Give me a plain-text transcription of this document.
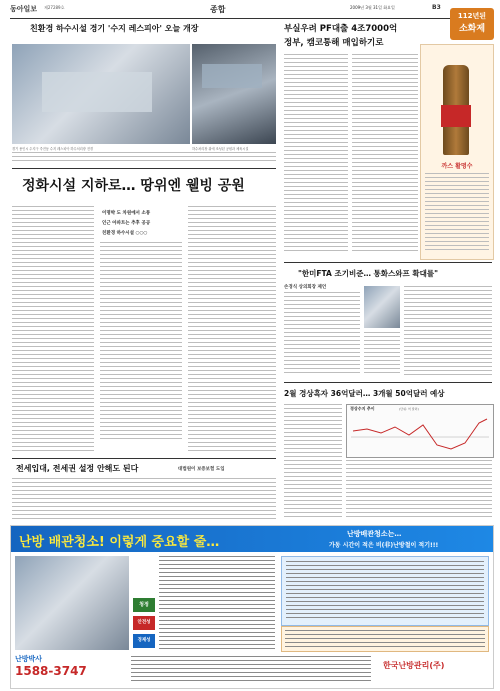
동아일보 제27289호	종합	2009년 3월 31일 화요일	B3
112년된
소화제
친환경 하수시설 경기 '수지 레스피아' 오늘 개장
경기 용인시 수지구 죽전동 수지 레스피아 하수처리장 전경	하수처리장 위에 조성된 공원과 체육시설
정화시설 지하로… 땅위엔 웰빙 공원
이명박 도 차원에서 소통
인근 아파트는 추후 공공
친환경 하수시설 ○○○
전세입대, 전세권 설정 안해도 된다	대법원이 보증보험 도입
부실우려 PF대출 4조7000억
정부, 캠코통해 매입하기로
까스 활명수
"한미FTA 조기비준… 통화스와프 확대를"
손경식 상의회장 제언
2월 경상흑자 36억달러… 3개월 50억달러 예상
경상수지 추이	(단위: 억 달러)
난방 배관청소! 이렇게 중요할 줄…
난방배관청소는…
가동 시간이 적은 비(非)난방철이 적기!!!
청정
안전성
경제성
난방박사
1588-3747	한국난방관리(주)
